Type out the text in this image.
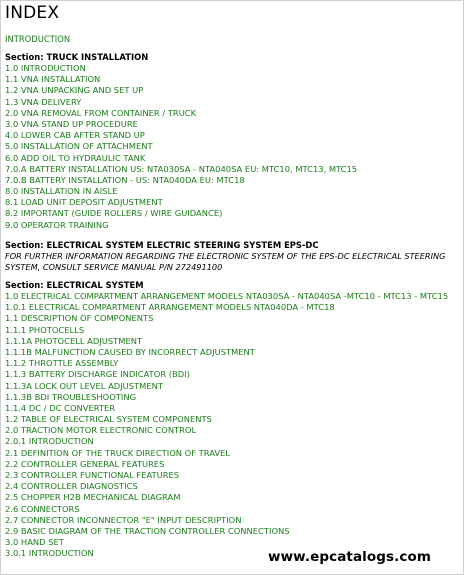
INDEX
INTRODUCTION
Section: TRUCK INSTALLATION
1.0 INTRODUCTION
1.1 VNA INSTALLATION
1.2 VNA UNPACKING AND SET UP
1.3 VNA DELIVERY
2.0 VNA REMOVAL FROM CONTAINER / TRUCK
3.0 VNA STAND UP PROCEDURE
4.0 LOWER CAB AFTER STAND UP
5.0 INSTALLATION OF ATTACHMENT
6.0 ADD OIL TO HYDRAULIC TANK
7.0.A BATTERY INSTALLATION US: NTA030SA - NTA040SA EU: MTC10, MTC13, MTC15
7.0.B BATTERY INSTALLATION - US: NTA040DA EU: MTC18
8.0 INSTALLATION IN AISLE
8.1 LOAD UNIT DEPOSIT ADJUSTMENT
8.2 IMPORTANT (GUIDE ROLLERS / WIRE GUIDANCE)
9.0 OPERATOR TRAINING
Section: ELECTRICAL SYSTEM ELECTRIC STEERING SYSTEM EPS-DC
FOR FURTHER INFORMATION REGARDING THE ELECTRONIC SYSTEM OF THE EPS-DC ELECTRICAL STEERING SYSTEM, CONSULT SERVICE MANUAL P/N 272491100
Section: ELECTRICAL SYSTEM
1.0 ELECTRICAL COMPARTMENT ARRANGEMENT MODELS NTA030SA - NTA040SA -MTC10 - MTC13 - MTC15
1.0.1 ELECTRICAL COMPARTMENT ARRANGEMENT MODELS NTA040DA - MTC18
1.1 DESCRIPTION OF COMPONENTS
1.1.1 PHOTOCELLS
1.1.1A PHOTOCELL ADJUSTMENT
1.1.1B MALFUNCTION CAUSED BY INCORRECT ADJUSTMENT
1.1.2 THROTTLE ASSEMBLY
1.1.3 BATTERY DISCHARGE INDICATOR (BDI)
1.1.3A LOCK OUT LEVEL ADJUSTMENT
1.1.3B BDI TROUBLESHOOTING
1.1.4 DC / DC CONVERTER
1.2 TABLE OF ELECTRICAL SYSTEM COMPONENTS
2.0 TRACTION MOTOR ELECTRONIC CONTROL
2.0.1 INTRODUCTION
2.1 DEFINITION OF THE TRUCK DIRECTION OF TRAVEL
2.2 CONTROLLER GENERAL FEATURES
2.3 CONTROLLER FUNCTIONAL FEATURES
2.4 CONTROLLER DIAGNOSTICS
2.5 CHOPPER H2B MECHANICAL DIAGRAM
2.6 CONNECTORS
2.7 CONNECTOR INCONNECTOR "E" INPUT DESCRIPTION
2.9 BASIC DIAGRAM OF THE TRACTION CONTROLLER CONNECTIONS
3.0 HAND SET
3.0.1 INTRODUCTION	www.epcatalogs.com
